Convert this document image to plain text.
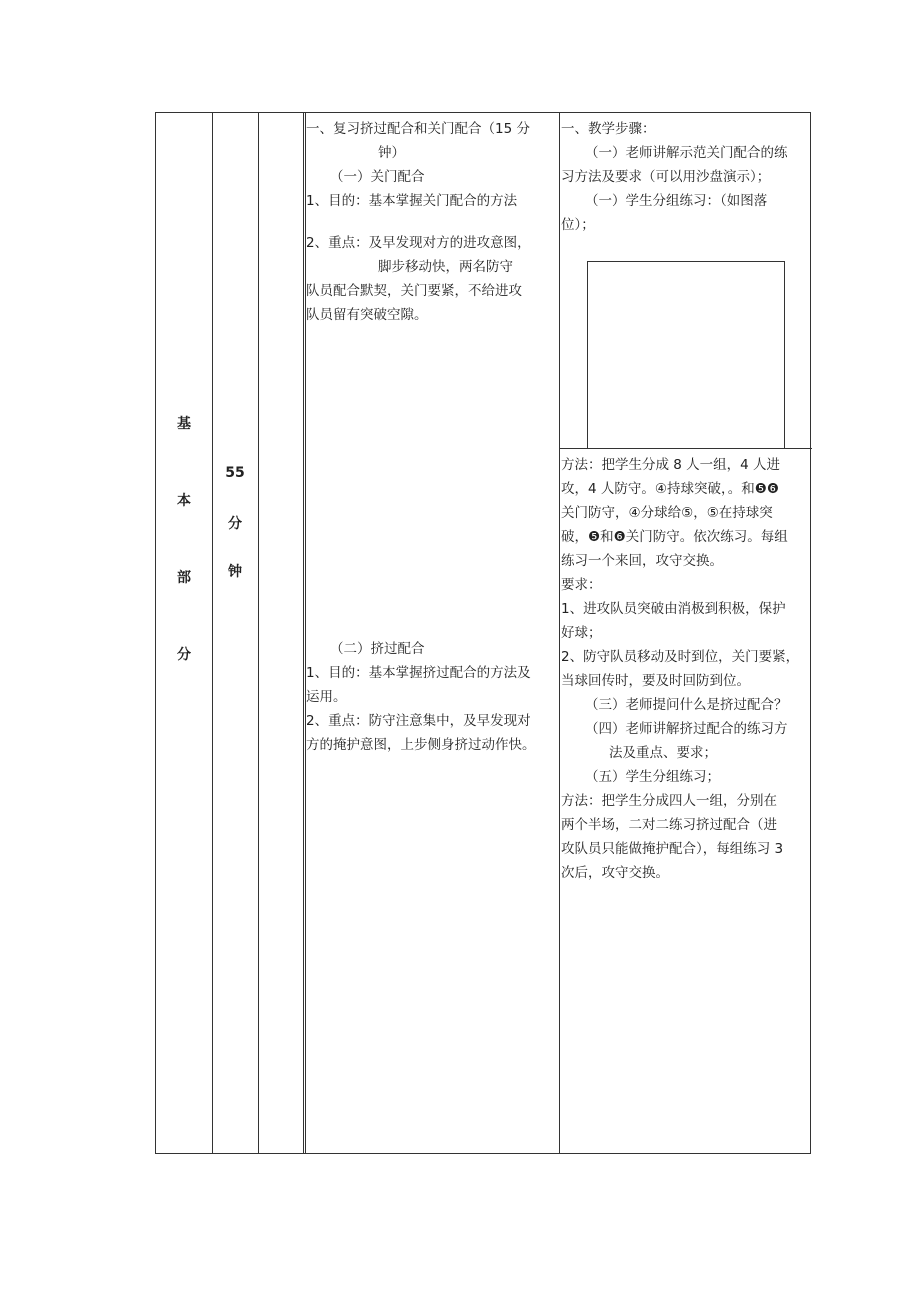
基
本
部
分
55
分
钟
一、复习挤过配合和关门配合（15 分
钟）
（一）关门配合
1、目的：基本掌握关门配合的方法
2、重点：及早发现对方的进攻意图，
脚步移动快，两名防守
队员配合默契，关门要紧，不给进攻
队员留有突破空隙。
（二）挤过配合
1、目的：基本掌握挤过配合的方法及
运用。
2、重点：防守注意集中，及早发现对
方的掩护意图，上步侧身挤过动作快。
一、教学步骤：
（一）老师讲解示范关门配合的练
习方法及要求（可以用沙盘演示）；
（一）学生分组练习：（如图落
位）；
方法：把学生分成 8 人一组，4 人进
攻，4 人防守。④持球突破，。和❺❻
关门防守，④分球给⑤，⑤在持球突
破，❺和❻关门防守。依次练习。每组
练习一个来回，攻守交换。
要求：
1、进攻队员突破由消极到积极，保护
好球；
2、防守队员移动及时到位，关门要紧，
当球回传时，要及时回防到位。
（三）老师提问什么是挤过配合？
（四）老师讲解挤过配合的练习方
法及重点、要求；
（五）学生分组练习；
方法：把学生分成四人一组，分别在
两个半场，二对二练习挤过配合（进
攻队员只能做掩护配合），每组练习 3
次后，攻守交换。
